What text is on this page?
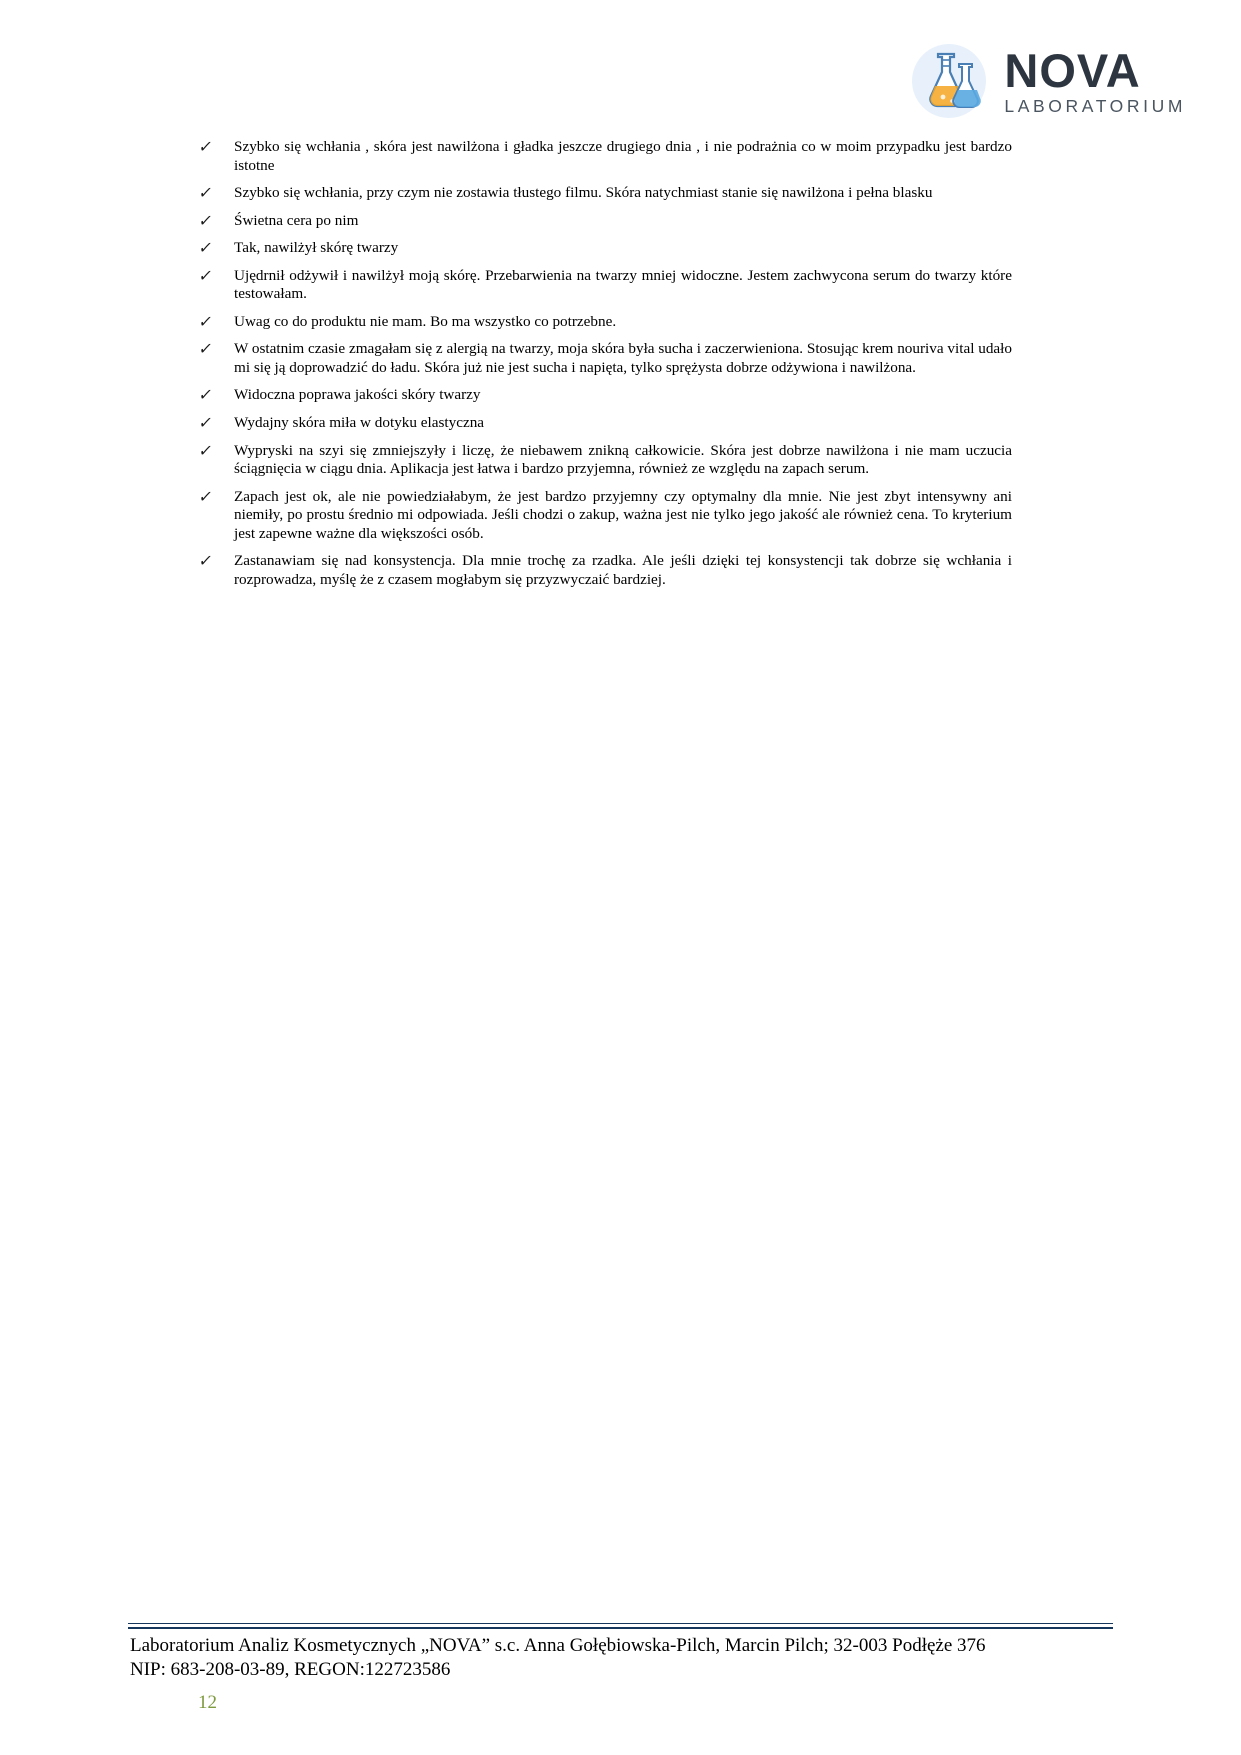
NOVA
LABORATORIUM
✓ Szybko się wchłania , skóra jest nawilżona i gładka jeszcze drugiego dnia , i nie podrażnia co w moim przypadku jest bardzo istotne
✓ Szybko się wchłania, przy czym nie zostawia tłustego filmu. Skóra natychmiast stanie się nawilżona i pełna blasku
✓ Świetna cera po nim
✓ Tak, nawilżył skórę twarzy
✓ Ujędrnił odżywił i nawilżył moją skórę. Przebarwienia na twarzy mniej widoczne. Jestem zachwycona serum do twarzy które testowałam.
✓ Uwag co do produktu nie mam. Bo ma wszystko co potrzebne.
✓ W ostatnim czasie zmagałam się z alergią na twarzy, moja skóra była sucha i zaczerwieniona. Stosując krem nouriva vital udało mi się ją doprowadzić do ładu. Skóra już nie jest sucha i napięta, tylko sprężysta dobrze odżywiona i nawilżona.
✓ Widoczna poprawa jakości skóry twarzy
✓ Wydajny skóra miła w dotyku elastyczna
✓ Wypryski na szyi się zmniejszyły i liczę, że niebawem znikną całkowicie. Skóra jest dobrze nawilżona i nie mam uczucia ściągnięcia w ciągu dnia. Aplikacja jest łatwa i bardzo przyjemna, również ze względu na zapach serum.
✓ Zapach jest ok, ale nie powiedziałabym, że jest bardzo przyjemny czy optymalny dla mnie. Nie jest zbyt intensywny ani niemiły, po prostu średnio mi odpowiada. Jeśli chodzi o zakup, ważna jest nie tylko jego jakość ale również cena. To kryterium jest zapewne ważne dla większości osób.
✓ Zastanawiam się nad konsystencja. Dla mnie trochę za rzadka. Ale jeśli dzięki tej konsystencji tak dobrze się wchłania i rozprowadza, myślę że z czasem mogłabym się przyzwyczaić bardziej.
Laboratorium Analiz Kosmetycznych „NOVA” s.c. Anna Gołębiowska-Pilch, Marcin Pilch; 32-003 Podłęże 376
NIP: 683-208-03-89, REGON:122723586
12
